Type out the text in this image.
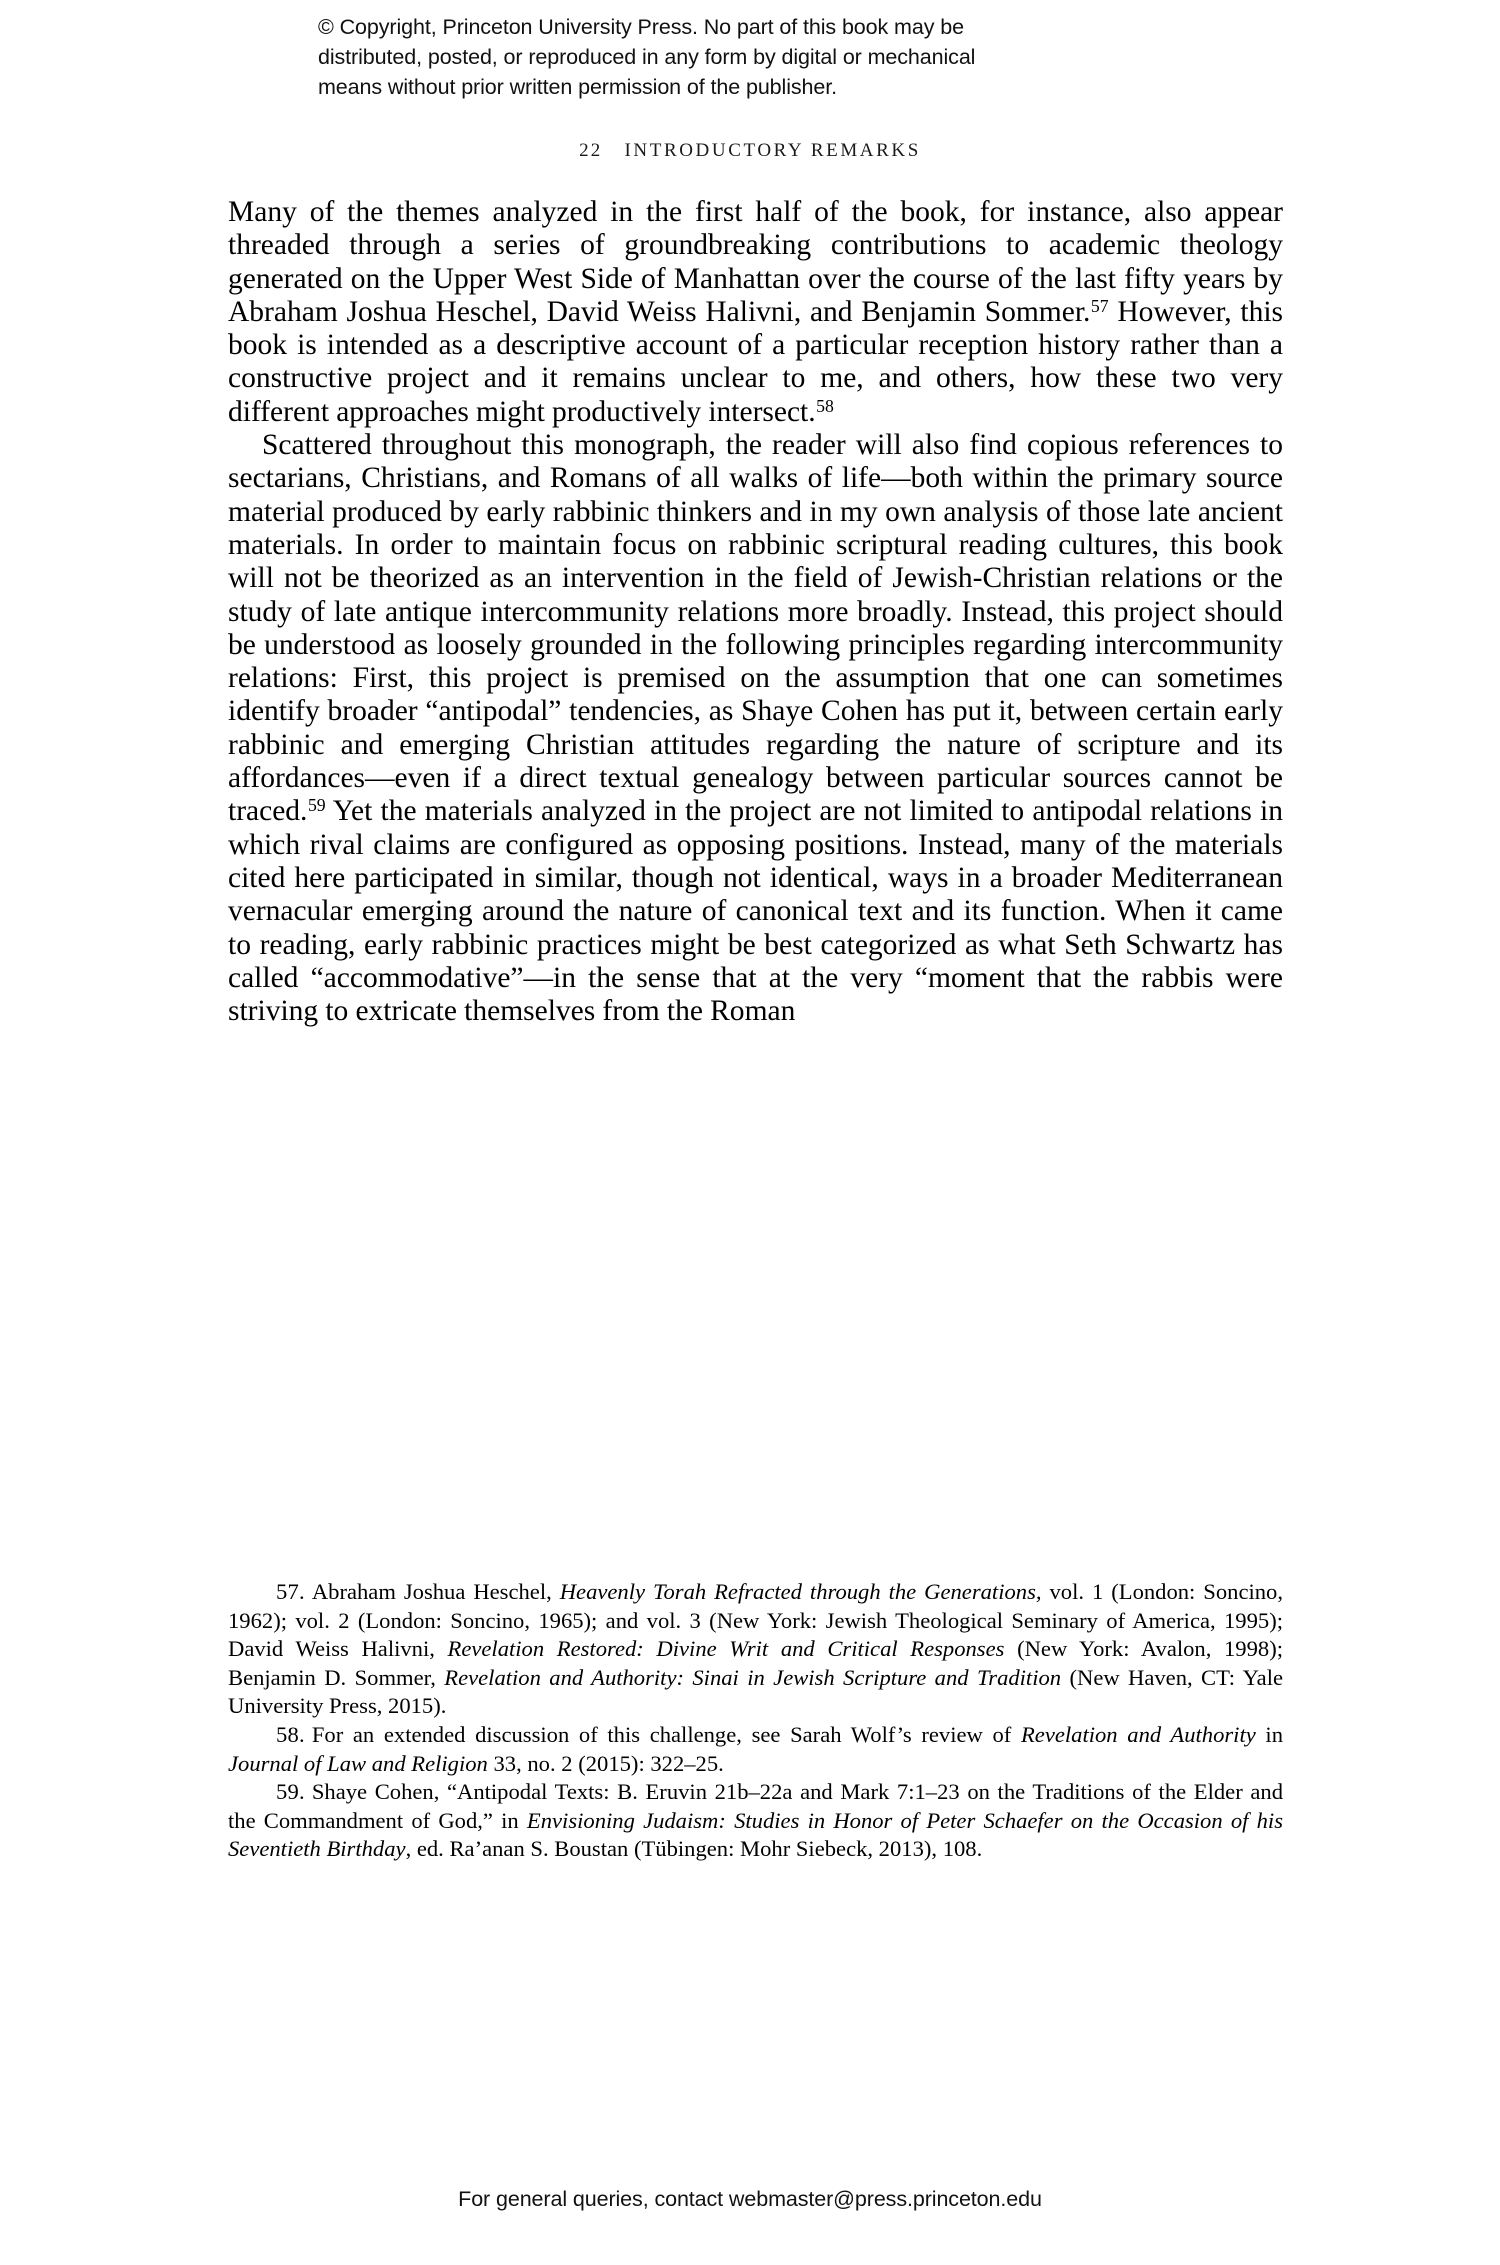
© Copyright, Princeton University Press. No part of this book may be
distributed, posted, or reproduced in any form by digital or mechanical
means without prior written permission of the publisher.
22 INTRODUCTORY REMARKS

Many of the themes analyzed in the first half of the book, for instance, also appear threaded through a series of groundbreaking contributions to academic theology generated on the Upper West Side of Manhattan over the course of the last fifty years by Abraham Joshua Heschel, David Weiss Halivni, and Benjamin Sommer.$^{57}$ However, this book is intended as a descriptive account of a particular reception history rather than a constructive project and it remains unclear to me, and others, how these two very different approaches might productively intersect.$^{58}$

Scattered throughout this monograph, the reader will also find copious references to sectarians, Christians, and Romans of all walks of life—both within the primary source material produced by early rabbinic thinkers and in my own analysis of those late ancient materials. In order to maintain focus on rabbinic scriptural reading cultures, this book will not be theorized as an intervention in the field of Jewish-Christian relations or the study of late antique intercommunity relations more broadly. Instead, this project should be understood as loosely grounded in the following principles regarding intercommunity relations: First, this project is premised on the assumption that one can sometimes identify broader “antipodal” tendencies, as Shaye Cohen has put it, between certain early rabbinic and emerging Christian attitudes regarding the nature of scripture and its affordances—even if a direct textual genealogy between particular sources cannot be traced.$^{59}$ Yet the materials analyzed in the project are not limited to antipodal relations in which rival claims are configured as opposing positions. Instead, many of the materials cited here participated in similar, though not identical, ways in a broader Mediterranean vernacular emerging around the nature of canonical text and its function. When it came to reading, early rabbinic practices might be best categorized as what Seth Schwartz has called “accommodative”—in the sense that at the very “moment that the rabbis were striving to extricate themselves from the Roman

57. Abraham Joshua Heschel, Heavenly Torah Refracted through the Generations, vol. 1 (London: Soncino, 1962); vol. 2 (London: Soncino, 1965); and vol. 3 (New York: Jewish Theological Seminary of America, 1995); David Weiss Halivni, Revelation Restored: Divine Writ and Critical Responses (New York: Avalon, 1998); Benjamin D. Sommer, Revelation and Authority: Sinai in Jewish Scripture and Tradition (New Haven, CT: Yale University Press, 2015).

58. For an extended discussion of this challenge, see Sarah Wolf’s review of Revelation and Authority in Journal of Law and Religion 33, no. 2 (2015): 322–25.

59. Shaye Cohen, “Antipodal Texts: B. Eruvin 21b–22a and Mark 7:1–23 on the Traditions of the Elder and the Commandment of God,” in Envisioning Judaism: Studies in Honor of Peter Schaefer on the Occasion of his Seventieth Birthday, ed. Ra’anan S. Boustan (Tübingen: Mohr Siebeck, 2013), 108.

For general queries, contact webmaster@press.princeton.edu
